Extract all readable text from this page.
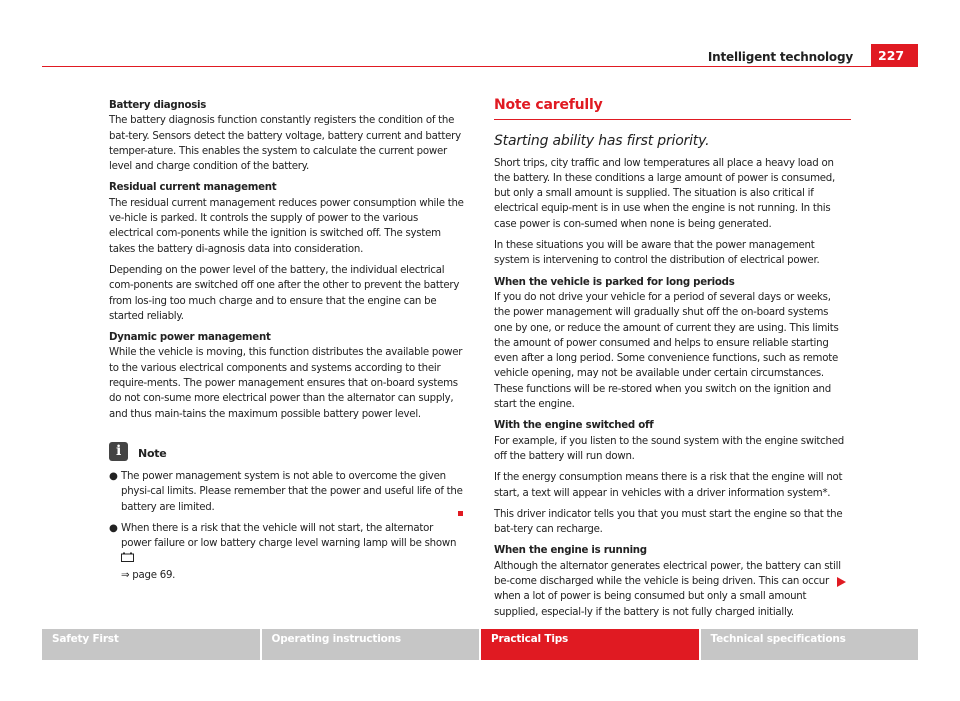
Intelligent technology	227

Battery diagnosis

The battery diagnosis function constantly registers the condition of the bat-tery. Sensors detect the battery voltage, battery current and battery temper-ature. This enables the system to calculate the current power level and charge condition of the battery.

Residual current management

The residual current management reduces power consumption while the ve-hicle is parked. It controls the supply of power to the various electrical com-ponents while the ignition is switched off. The system takes the battery di-agnosis data into consideration.

Depending on the power level of the battery, the individual electrical com-ponents are switched off one after the other to prevent the battery from los-ing too much charge and to ensure that the engine can be started reliably.

Dynamic power management

While the vehicle is moving, this function distributes the available power to the various electrical components and systems according to their require-ments. The power management ensures that on-board systems do not con-sume more electrical power than the alternator can supply, and thus main-tains the maximum possible battery power level.

i	Note
● The power management system is not able to overcome the given physi-cal limits. Please remember that the power and useful life of the battery are limited.
● When there is a risk that the vehicle will not start, the alternator power failure or low battery charge level warning lamp will be shown
⇒ page 69.

Note carefully

Starting ability has first priority.

Short trips, city traffic and low temperatures all place a heavy load on the battery. In these conditions a large amount of power is consumed, but only a small amount is supplied. The situation is also critical if electrical equip-ment is in use when the engine is not running. In this case power is con-sumed when none is being generated.

In these situations you will be aware that the power management system is intervening to control the distribution of electrical power.

When the vehicle is parked for long periods

If you do not drive your vehicle for a period of several days or weeks, the power management will gradually shut off the on-board systems one by one, or reduce the amount of current they are using. This limits the amount of power consumed and helps to ensure reliable starting even after a long period. Some convenience functions, such as remote vehicle opening, may not be available under certain circumstances. These functions will be re-stored when you switch on the ignition and start the engine.

With the engine switched off

For example, if you listen to the sound system with the engine switched off the battery will run down.

If the energy consumption means there is a risk that the engine will not start, a text will appear in vehicles with a driver information system*.

This driver indicator tells you that you must start the engine so that the bat-tery can recharge.

When the engine is running

Although the alternator generates electrical power, the battery can still be-come discharged while the vehicle is being driven. This can occur when a lot of power is being consumed but only a small amount supplied, especial-ly if the battery is not fully charged initially.

Safety First	Operating instructions	Practical Tips	Technical specifications
